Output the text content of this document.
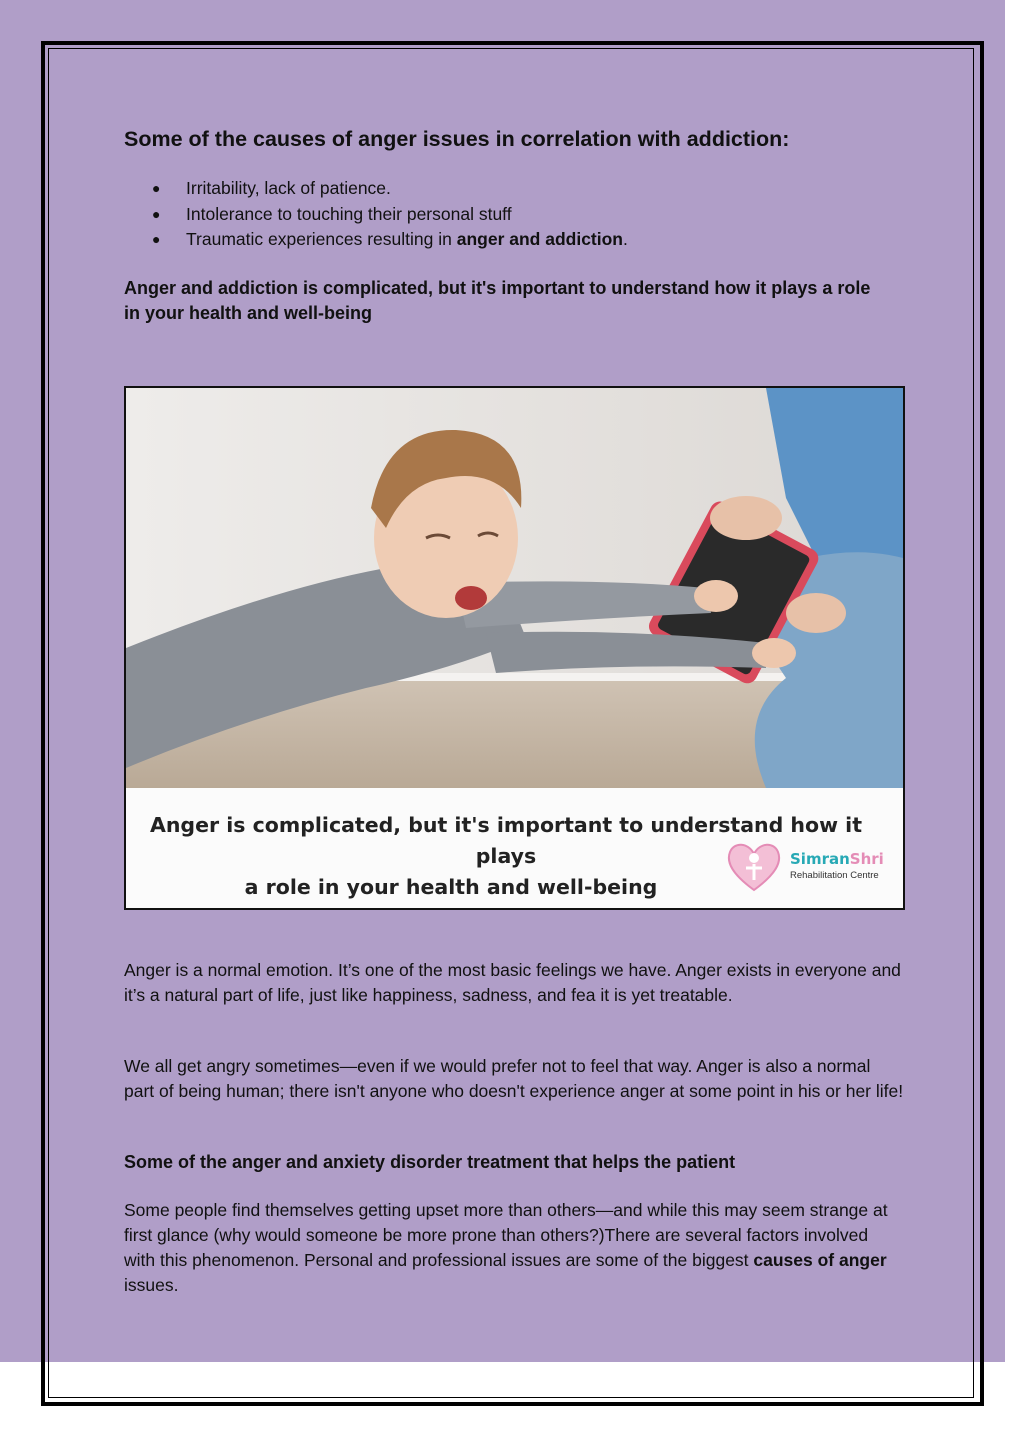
Some of the causes of anger issues in correlation with addiction:
● Irritability, lack of patience.
● Intolerance to touching their personal stuff
● Traumatic experiences resulting in anger and addiction.
Anger and addiction is complicated, but it's important to understand how it plays a role in your health and well-being

Anger is a normal emotion. It’s one of the most basic feelings we have. Anger exists in everyone and it’s a natural part of life, just like happiness, sadness, and fea it is yet treatable.

We all get angry sometimes—even if we would prefer not to feel that way. Anger is also a normal part of being human; there isn't anyone who doesn't experience anger at some point in his or her life!

Some of the anger and anxiety disorder treatment that helps the patient

Some people find themselves getting upset more than others—and while this may seem strange at first glance (why would someone be more prone than others?)There are several factors involved with this phenomenon. Personal and professional issues are some of the biggest causes of anger issues.

Anger is complicated, but it's important to understand how it plays
a role in your health and well-being
SimranShri
Rehabilitation Centre
